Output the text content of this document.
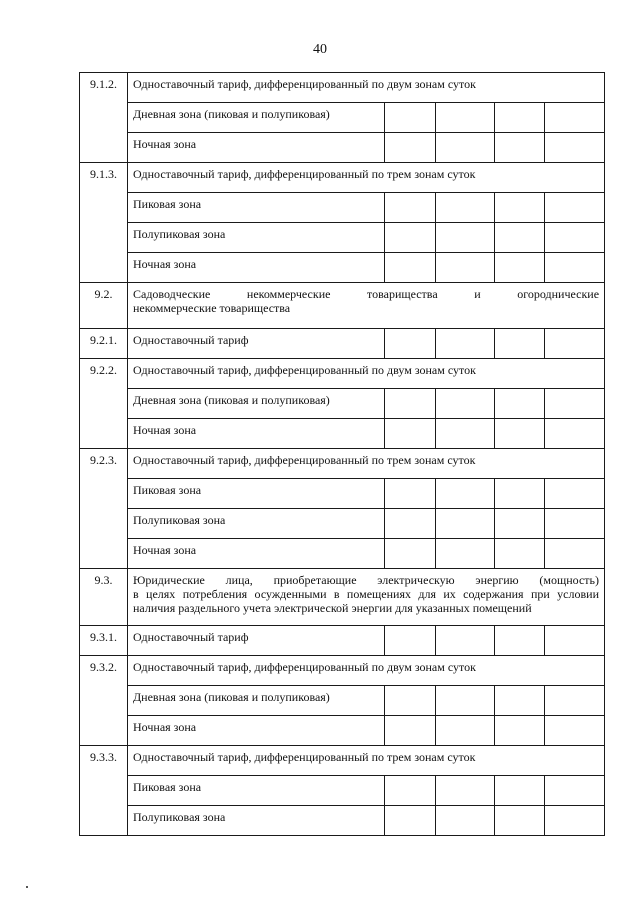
40
9.1.2.	Одноставочный тариф, дифференцированный по двум зонам суток				
	Дневная зона (пиковая и полупиковая)				
	Ночная зона				
9.1.3.	Одноставочный тариф, дифференцированный по трем зонам суток				
	Пиковая зона				
	Полупиковая зона				
	Ночная зона				
9.2.	Садоводческие некоммерческие товарищества и огороднические
некоммерческие товарищества				

9.2.1.	Одноставочный тариф				
9.2.2.	Одноставочный тариф, дифференцированный по двум зонам суток				
	Дневная зона (пиковая и полупиковая)				
	Ночная зона				
9.2.3.	Одноставочный тариф, дифференцированный по трем зонам суток				
	Пиковая зона				
	Полупиковая зона				
	Ночная зона				
9.3.	Юридические лица, приобретающие электрическую энергию (мощность)
в целях потребления осужденными в помещениях для их содержания при условии
наличия раздельного учета электрической энергии для указанных помещений				

9.3.1.	Одноставочный тариф				
9.3.2.	Одноставочный тариф, дифференцированный по двум зонам суток				
	Дневная зона (пиковая и полупиковая)				
	Ночная зона				
9.3.3.	Одноставочный тариф, дифференцированный по трем зонам суток				
	Пиковая зона				
	Полупиковая зона				
